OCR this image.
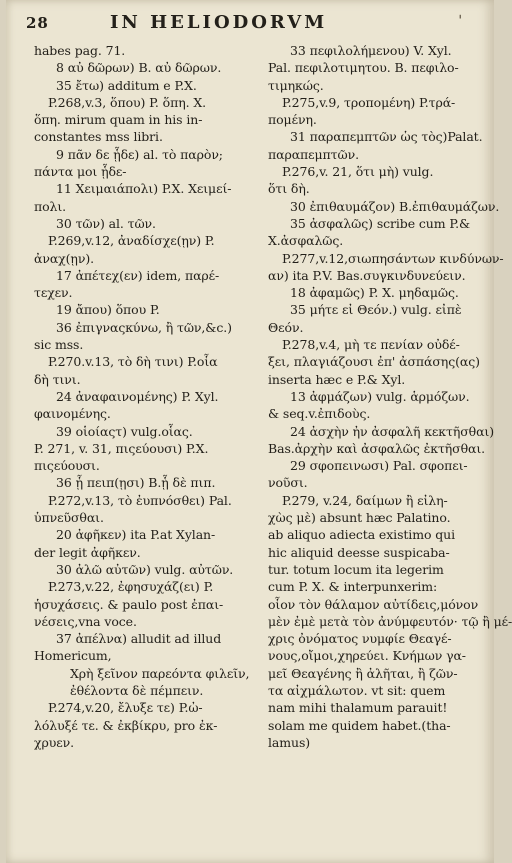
28	IN HELIODORVM	ˈ
habes pag. 71.
8 αὐ δῶρων) B. αὐ δῶρων.
35 ἔτω) additum e P.X.
P.268,v.3, ὅπου) P. ὅπη. X.
ὅπη. mirum quam in his in-
constantes mss libri.
9 πᾶν δε ᾗδε) al. τὸ παρὸν;
πάντα μοι ᾗδε-
11 Χειμαιάπολι) P.X. Χειμεί-
πολι.
30 τῶν) al. τῶν.
P.269,v.12, ἀναδίσχε(ῃν) P.
ἀναχ(ῃν).
17 ἀπέτεχ(εν) idem, παρέ-
τεχεν.
19 ἄπου) ὅπου P.
36 ἐπιγναςκύνω, ἢ τῶν,&c.)
sic mss.
P.270.v.13, τὸ δὴ τινι) P.οἷα
δὴ τινι.
24 ἀναφαινομένης) P. Xyl.
φαινομένης.
39 οἱοίαςτ) vulg.οἷας.
P. 271, v. 31, πιςεύουσι) P.X.
πιςεύουσι.
36 ᾗ πειπ(ῃσι) B.ᾗ δὲ πιπ.
P.272,v.13, τὸ ἐυπνόσθει) Pal.
ὑπνεῦσθαι.
20 ἀφῆκεν) ita P.at Xylan-
der legit ἀφῆκεν.
30 ἀλῶ αὐτῶν) vulg. αὐτῶν.
P.273,v.22, ἐφησυχάζ(ει) P.
ἡσυχάσεις. & paulo post ἐπαι-
νέσεις,vna voce.
37 ἀπέλνα) alludit ad illud
Homericum,
Χρὴ ξεῖνον παρεόντα φιλεῖν,
ἐθέλοντα δὲ πέμπειν.
P.274,v.20, ἔλυξε τε) P.ὠ-
λόλυξέ τε. & ἐκβίκρυ, pro ἐκ-
χρυεν.
33 πεφιλολήμενου) V. Xyl.
Pal. πεφιλοτιμητου. B. πεφιλο-
τιμηκώς.
P.275,v.9, τροπομένη) P.τρά-
πομένη.
31 παραπεμπτῶν ὡς τὸς)Palat.
παραπεμπτῶν.
P.276,v. 21, ὅτι μὴ) vulg.
ὅτι δὴ.
30 ἐπιθαυμάζον) B.ἐπιθαυμάζων.
35 ἀσφαλῶς) scribe cum P.&
X.ἀσφαλῶς.
P.277,v.12,σιωπησάντων κινδύνων-
αν) ita P.V. Bas.συγκινδυνεύειν.
18 ἀφαμῶς) P. X. μηδαμῶς.
35 μήτε εἰ Θεόν.) vulg. εἰπὲ
Θεόν.
P.278,v.4, μὴ τε πενίαν οὐδέ-
ξει, πλαγιάζουσι ἐπ' ἀσπάσης(ας)
inserta hæc e P.& Xyl.
13 ἀφμάζων) vulg. ἁρμόζων.
& seq.v.ἐπιδοὺς.
24 ἀσχὴν ἠν ἀσφαλῆ κεκτῆσθαι)
Bas.ἀρχὴν καὶ ἀσφαλῶς ἐκτῆσθαι.
29 σφοπεινωσι) Pal. σφοπει-
νοῦσι.
P.279, v.24, δαίμων ἢ εἰλη-
χὼς μὲ) absunt hæc Palatino.
ab aliquo adiecta existimo qui
hic aliquid deesse suspicaba-
tur. totum locum ita legerim
cum P. X. & interpunxerim:
οἷον τὸν θάλαμον αὐτίδεις,μόνον
μὲν ἐμὲ μετὰ τὸν ἀνύμφευτόν· τῷ ἢ μέ-
χρις ὀνόματος νυμφίε Θεαγέ-
νους,οἴμοι,χηρεύει. Κνήμων γα-
μεῖ Θεαγένης ἢ ἀλῆται, ἢ ζῶν-
τα αἰχμάλωτον. vt sit: quem
nam mihi thalamum parauit!
solam me quidem habet.(tha-
lamus)
